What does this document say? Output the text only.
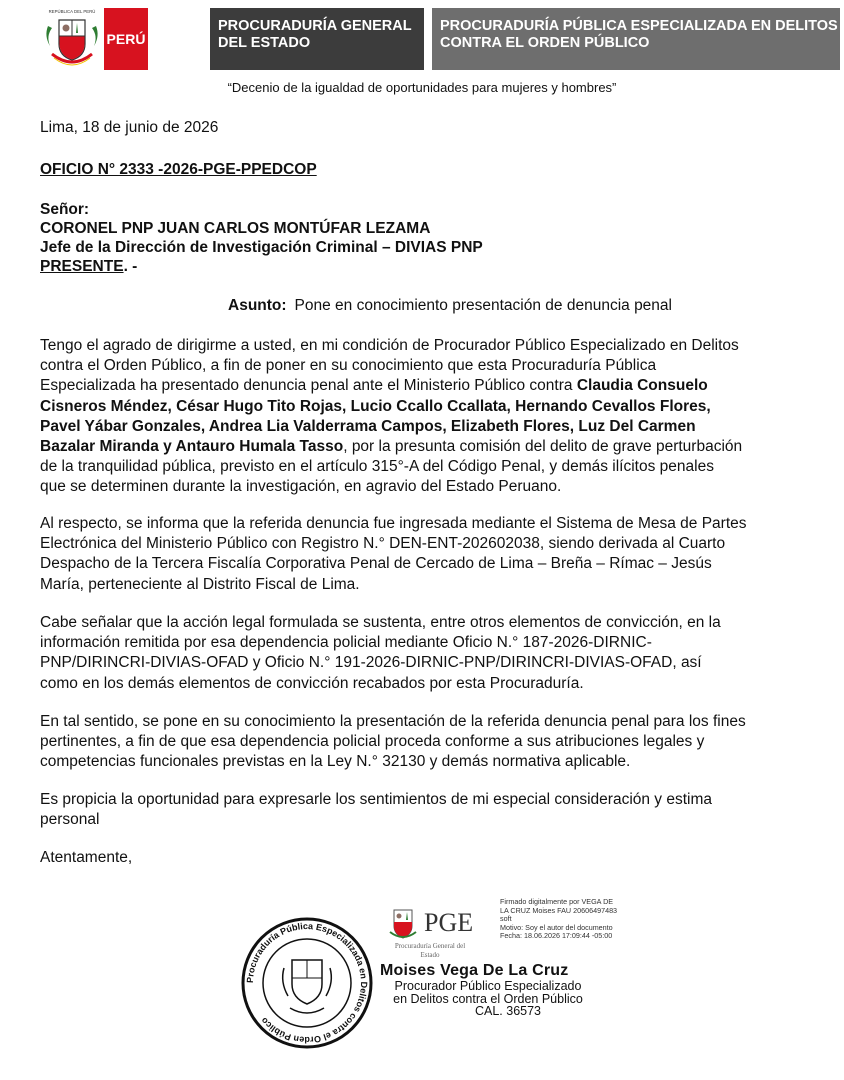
REPÚBLICA DEL PERÚ
PERÚ
PROCURADURÍA GENERAL
DEL ESTADO
PROCURADURÍA PÚBLICA ESPECIALIZADA EN DELITOS
CONTRA EL ORDEN PÚBLICO
“Decenio de la igualdad de oportunidades para mujeres y hombres”
Lima, 18 de junio de 2026
OFICIO N° 2333 -2026-PGE-PPEDCOP
Señor:
CORONEL PNP JUAN CARLOS MONTÚFAR LEZAMA
Jefe de la Dirección de Investigación Criminal – DIVIAS PNP
PRESENTE. -
Asunto: Pone en conocimiento presentación de denuncia penal
Tengo el agrado de dirigirme a usted, en mi condición de Procurador Público Especializado en Delitos
contra el Orden Público, a fin de poner en su conocimiento que esta Procuraduría Pública
Especializada ha presentado denuncia penal ante el Ministerio Público contra Claudia Consuelo
Cisneros Méndez, César Hugo Tito Rojas, Lucio Ccallo Ccallata, Hernando Cevallos Flores,
Pavel Yábar Gonzales, Andrea Lia Valderrama Campos, Elizabeth Flores, Luz Del Carmen
Bazalar Miranda y Antauro Humala Tasso, por la presunta comisión del delito de grave perturbación
de la tranquilidad pública, previsto en el artículo 315°-A del Código Penal, y demás ilícitos penales
que se determinen durante la investigación, en agravio del Estado Peruano.
Al respecto, se informa que la referida denuncia fue ingresada mediante el Sistema de Mesa de Partes
Electrónica del Ministerio Público con Registro N.° DEN-ENT-202602038, siendo derivada al Cuarto
Despacho de la Tercera Fiscalía Corporativa Penal de Cercado de Lima – Breña – Rímac – Jesús
María, perteneciente al Distrito Fiscal de Lima.
Cabe señalar que la acción legal formulada se sustenta, entre otros elementos de convicción, en la
información remitida por esa dependencia policial mediante Oficio N.° 187-2026-DIRNIC-
PNP/DIRINCRI-DIVIAS-OFAD y Oficio N.° 191-2026-DIRNIC-PNP/DIRINCRI-DIVIAS-OFAD, así
como en los demás elementos de convicción recabados por esta Procuraduría.
En tal sentido, se pone en su conocimiento la presentación de la referida denuncia penal para los fines
pertinentes, a fin de que esa dependencia policial proceda conforme a sus atribuciones legales y
competencias funcionales previstas en la Ley N.° 32130 y demás normativa aplicable.
Es propicia la oportunidad para expresarle los sentimientos de mi especial consideración y estima
personal
Atentamente,
Procuraduría Pública Especializada en Delitos contra el Orden Público
PGE
Procuraduría General del Estado
Firmado digitalmente por VEGA DE
LA CRUZ Moises FAU 20606497483
soft
Motivo: Soy el autor del documento
Fecha: 18.06.2026 17:09:44 -05:00
Moises Vega De La Cruz
Procurador Público Especializado
en Delitos contra el Orden Público
CAL. 36573
